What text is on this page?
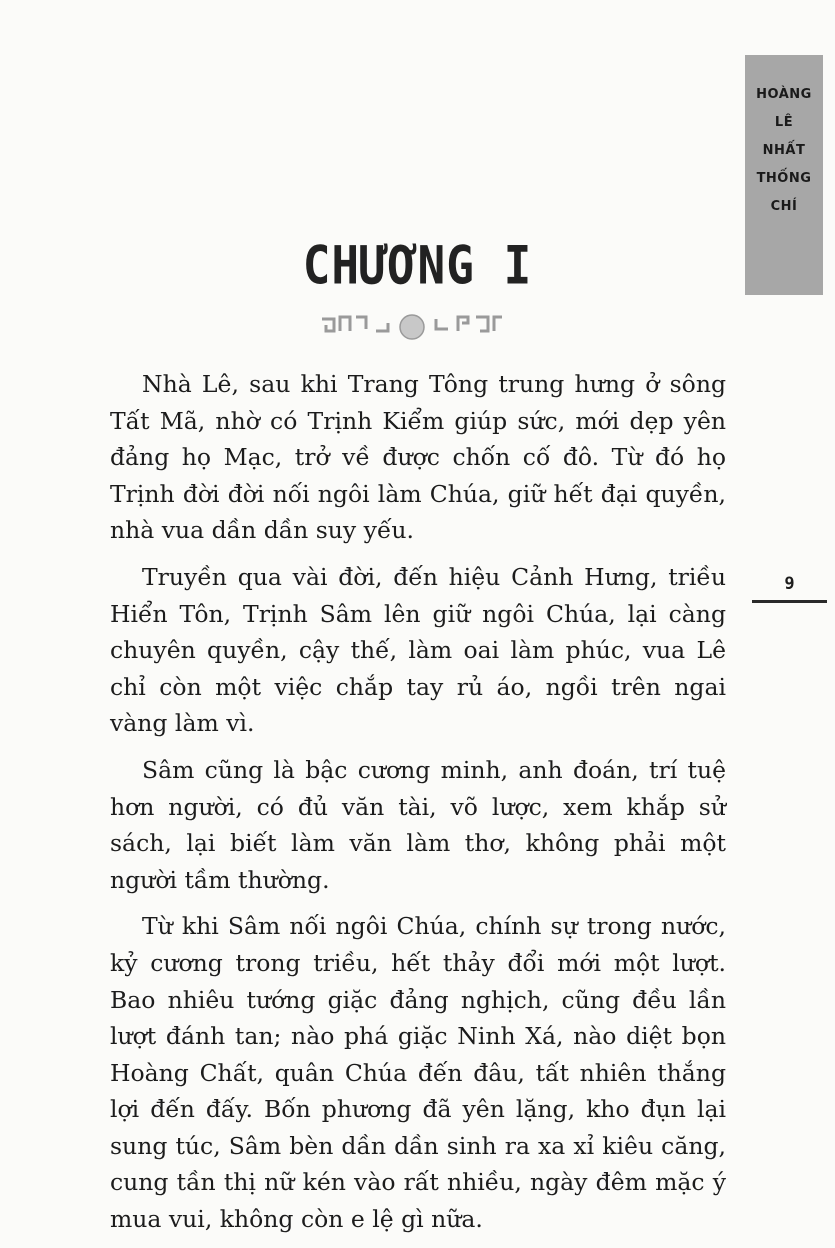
HOÀNG
LÊ
NHẤT
THỐNG
CHÍ
CHƯƠNG I
9

Nhà Lê, sau khi Trang Tông trung hưng ở sông Tất Mã, nhờ có Trịnh Kiểm giúp sức, mới dẹp yên đảng họ Mạc, trở về được chốn cố đô. Từ đó họ Trịnh đời đời nối ngôi làm Chúa, giữ hết đại quyền, nhà vua dần dần suy yếu.

Truyền qua vài đời, đến hiệu Cảnh Hưng, triều Hiển Tôn, Trịnh Sâm lên giữ ngôi Chúa, lại càng chuyên quyền, cậy thế, làm oai làm phúc, vua Lê chỉ còn một việc chắp tay rủ áo, ngồi trên ngai vàng làm vì.

Sâm cũng là bậc cương minh, anh đoán, trí tuệ hơn người, có đủ văn tài, võ lược, xem khắp sử sách, lại biết làm văn làm thơ, không phải một người tầm thường.

Từ khi Sâm nối ngôi Chúa, chính sự trong nước, kỷ cương trong triều, hết thảy đổi mới một lượt. Bao nhiêu tướng giặc đảng nghịch, cũng đều lần lượt đánh tan; nào phá giặc Ninh Xá, nào diệt bọn Hoàng Chất, quân Chúa đến đâu, tất nhiên thắng lợi đến đấy. Bốn phương đã yên lặng, kho đụn lại sung túc, Sâm bèn dần dần sinh ra xa xỉ kiêu căng, cung tần thị nữ kén vào rất nhiều, ngày đêm mặc ý mua vui, không còn e lệ gì nữa.
